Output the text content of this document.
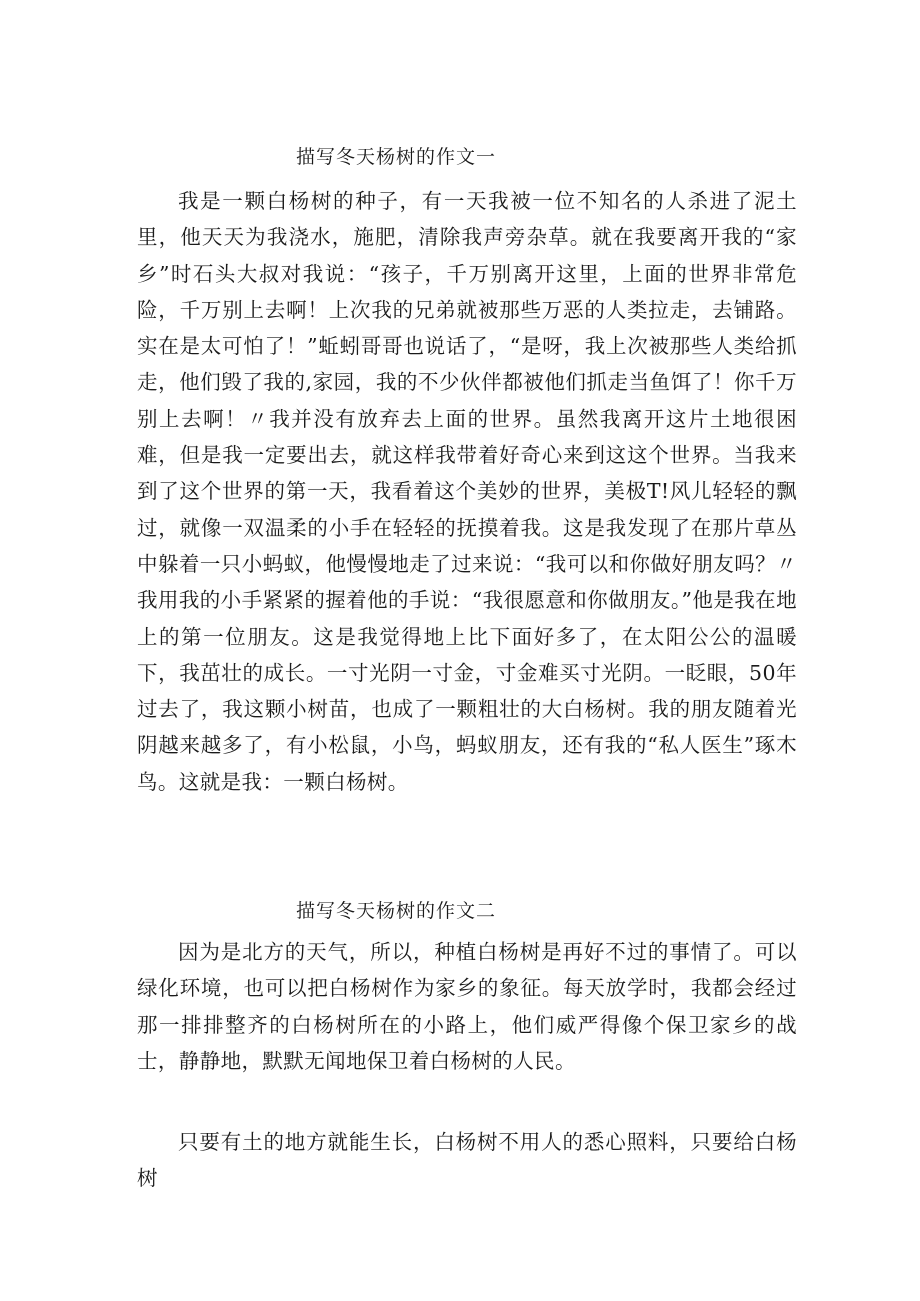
描写冬天杨树的作文一

我是一颗白杨树的种子，有一天我被一位不知名的人杀进了泥土里，他天天为我浇水，施肥，清除我声旁杂草。就在我要离开我的“家乡”时石头大叔对我说：“孩子，千万别离开这里，上面的世界非常危险，千万别上去啊！上次我的兄弟就被那些万恶的人类拉走，去铺路。实在是太可怕了！”蚯蚓哥哥也说话了，“是呀，我上次被那些人类给抓走，他们毁了我的,家园，我的不少伙伴都被他们抓走当鱼饵了！你千万别上去啊！〃我并没有放弃去上面的世界。虽然我离开这片土地很困难，但是我一定要出去，就这样我带着好奇心来到这这个世界。当我来到了这个世界的第一天，我看着这个美妙的世界，美极T!风儿轻轻的飘过，就像一双温柔的小手在轻轻的抚摸着我。这是我发现了在那片草丛中躲着一只小蚂蚁，他慢慢地走了过来说：“我可以和你做好朋友吗？〃我用我的小手紧紧的握着他的手说：“我很愿意和你做朋友。”他是我在地上的第一位朋友。这是我觉得地上比下面好多了，在太阳公公的温暖下，我茁壮的成长。一寸光阴一寸金，寸金难买寸光阴。一眨眼，50年过去了，我这颗小树苗，也成了一颗粗壮的大白杨树。我的朋友随着光阴越来越多了，有小松鼠，小鸟，蚂蚁朋友，还有我的“私人医生”琢木鸟。这就是我：一颗白杨树。

描写冬天杨树的作文二

因为是北方的天气，所以，种植白杨树是再好不过的事情了。可以绿化环境，也可以把白杨树作为家乡的象征。每天放学时，我都会经过那一排排整齐的白杨树所在的小路上，他们威严得像个保卫家乡的战士，静静地，默默无闻地保卫着白杨树的人民。

只要有土的地方就能生长，白杨树不用人的悉心照料，只要给白杨树
